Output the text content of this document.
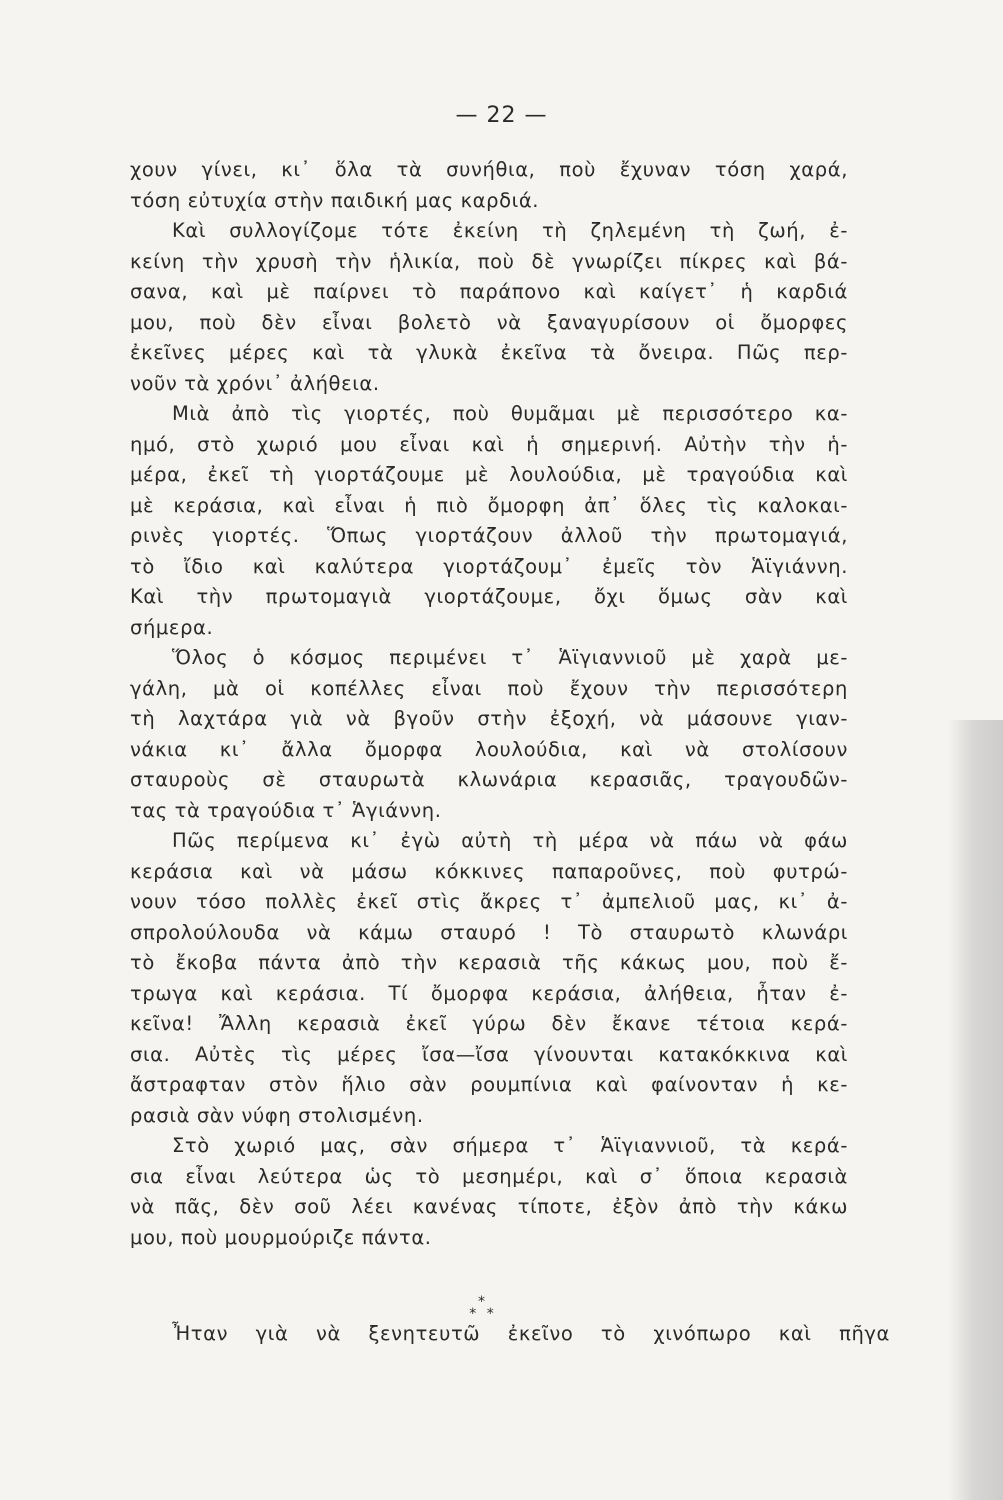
— 22 —
χουν γίνει, κι᾿ ὅλα τὰ συνήθια, ποὺ ἔχυναν τόση χαρά,
τόση εὐτυχία στὴν παιδική μας καρδιά.
Καὶ συλλογίζομε τότε ἐκείνη τὴ ζηλεμένη τὴ ζωή, ἐ-
κείνη τὴν χρυσὴ τὴν ἡλικία, ποὺ δὲ γνωρίζει πίκρες καὶ βά-
σανα, καὶ μὲ παίρνει τὸ παράπονο καὶ καίγετ᾿ ἡ καρδιά
μου, ποὺ δὲν εἶναι βολετὸ νὰ ξαναγυρίσουν οἱ ὄμορφες
ἐκεῖνες μέρες καὶ τὰ γλυκὰ ἐκεῖνα τὰ ὄνειρα. Πῶς περ-
νοῦν τὰ χρόνι᾿ ἀλήθεια.
Μιὰ ἀπὸ τὶς γιορτές, ποὺ θυμᾶμαι μὲ περισσότερο κα-
ημό, στὸ χωριό μου εἶναι καὶ ἡ σημερινή. Αὐτὴν τὴν ἡ-
μέρα, ἐκεῖ τὴ γιορτάζουμε μὲ λουλούδια, μὲ τραγούδια καὶ
μὲ κεράσια, καὶ εἶναι ἡ πιὸ ὄμορφη ἀπ᾿ ὅλες τὶς καλοκαι-
ρινὲς γιορτές. Ὅπως γιορτάζουν ἀλλοῦ τὴν πρωτομαγιά,
τὸ ἴδιο καὶ καλύτερα γιορτάζουμ᾿ ἐμεῖς τὸν Ἁϊγιάννη.
Καὶ τὴν πρωτομαγιὰ γιορτάζουμε, ὄχι ὅμως σὰν καὶ
σήμερα.
Ὅλος ὁ κόσμος περιμένει τ᾿ Ἁϊγιαννιοῦ μὲ χαρὰ με-
γάλη, μὰ οἱ κοπέλλες εἶναι ποὺ ἔχουν τὴν περισσότερη
τὴ λαχτάρα γιὰ νὰ βγοῦν στὴν ἐξοχή, νὰ μάσουνε γιαν-
νάκια κι᾿ ἄλλα ὄμορφα λουλούδια, καὶ νὰ στολίσουν
σταυροὺς σὲ σταυρωτὰ κλωνάρια κερασιᾶς, τραγουδῶν-
τας τὰ τραγούδια τ᾿ Ἁγιάννη.
Πῶς περίμενα κι᾿ ἐγὼ αὐτὴ τὴ μέρα νὰ πάω νὰ φάω
κεράσια καὶ νὰ μάσω κόκκινες παπαροῦνες, ποὺ φυτρώ-
νουν τόσο πολλὲς ἐκεῖ στὶς ἄκρες τ᾿ ἀμπελιοῦ μας, κι᾿ ἀ-
σπρολούλουδα νὰ κάμω σταυρό ! Τὸ σταυρωτὸ κλωνάρι
τὸ ἔκοβα πάντα ἀπὸ τὴν κερασιὰ τῆς κάκως μου, ποὺ ἔ-
τρωγα καὶ κεράσια. Τί ὄμορφα κεράσια, ἀλήθεια, ἦταν ἐ-
κεῖνα! Ἄλλη κερασιὰ ἐκεῖ γύρω δὲν ἔκανε τέτοια κερά-
σια. Αὐτὲς τὶς μέρες ἴσα—ἴσα γίνουνται κατακόκκινα καὶ
ἄστραφταν στὸν ἥλιο σὰν ρουμπίνια καὶ φαίνονταν ἡ κε-
ρασιὰ σὰν νύφη στολισμένη.
Στὸ χωριό μας, σὰν σήμερα τ᾿ Ἁϊγιαννιοῦ, τὰ κερά-
σια εἶναι λεύτερα ὡς τὸ μεσημέρι, καὶ σ᾿ ὅποια κερασιὰ
νὰ πᾶς, δὲν σοῦ λέει κανένας τίποτε, ἐξὸν ἀπὸ τὴν κάκω
μου, ποὺ μουρμούριζε πάντα.
*
* *
Ἦταν γιὰ νὰ ξενητευτῶ ἐκεῖνο τὸ χινόπωρο καὶ πῆγα
